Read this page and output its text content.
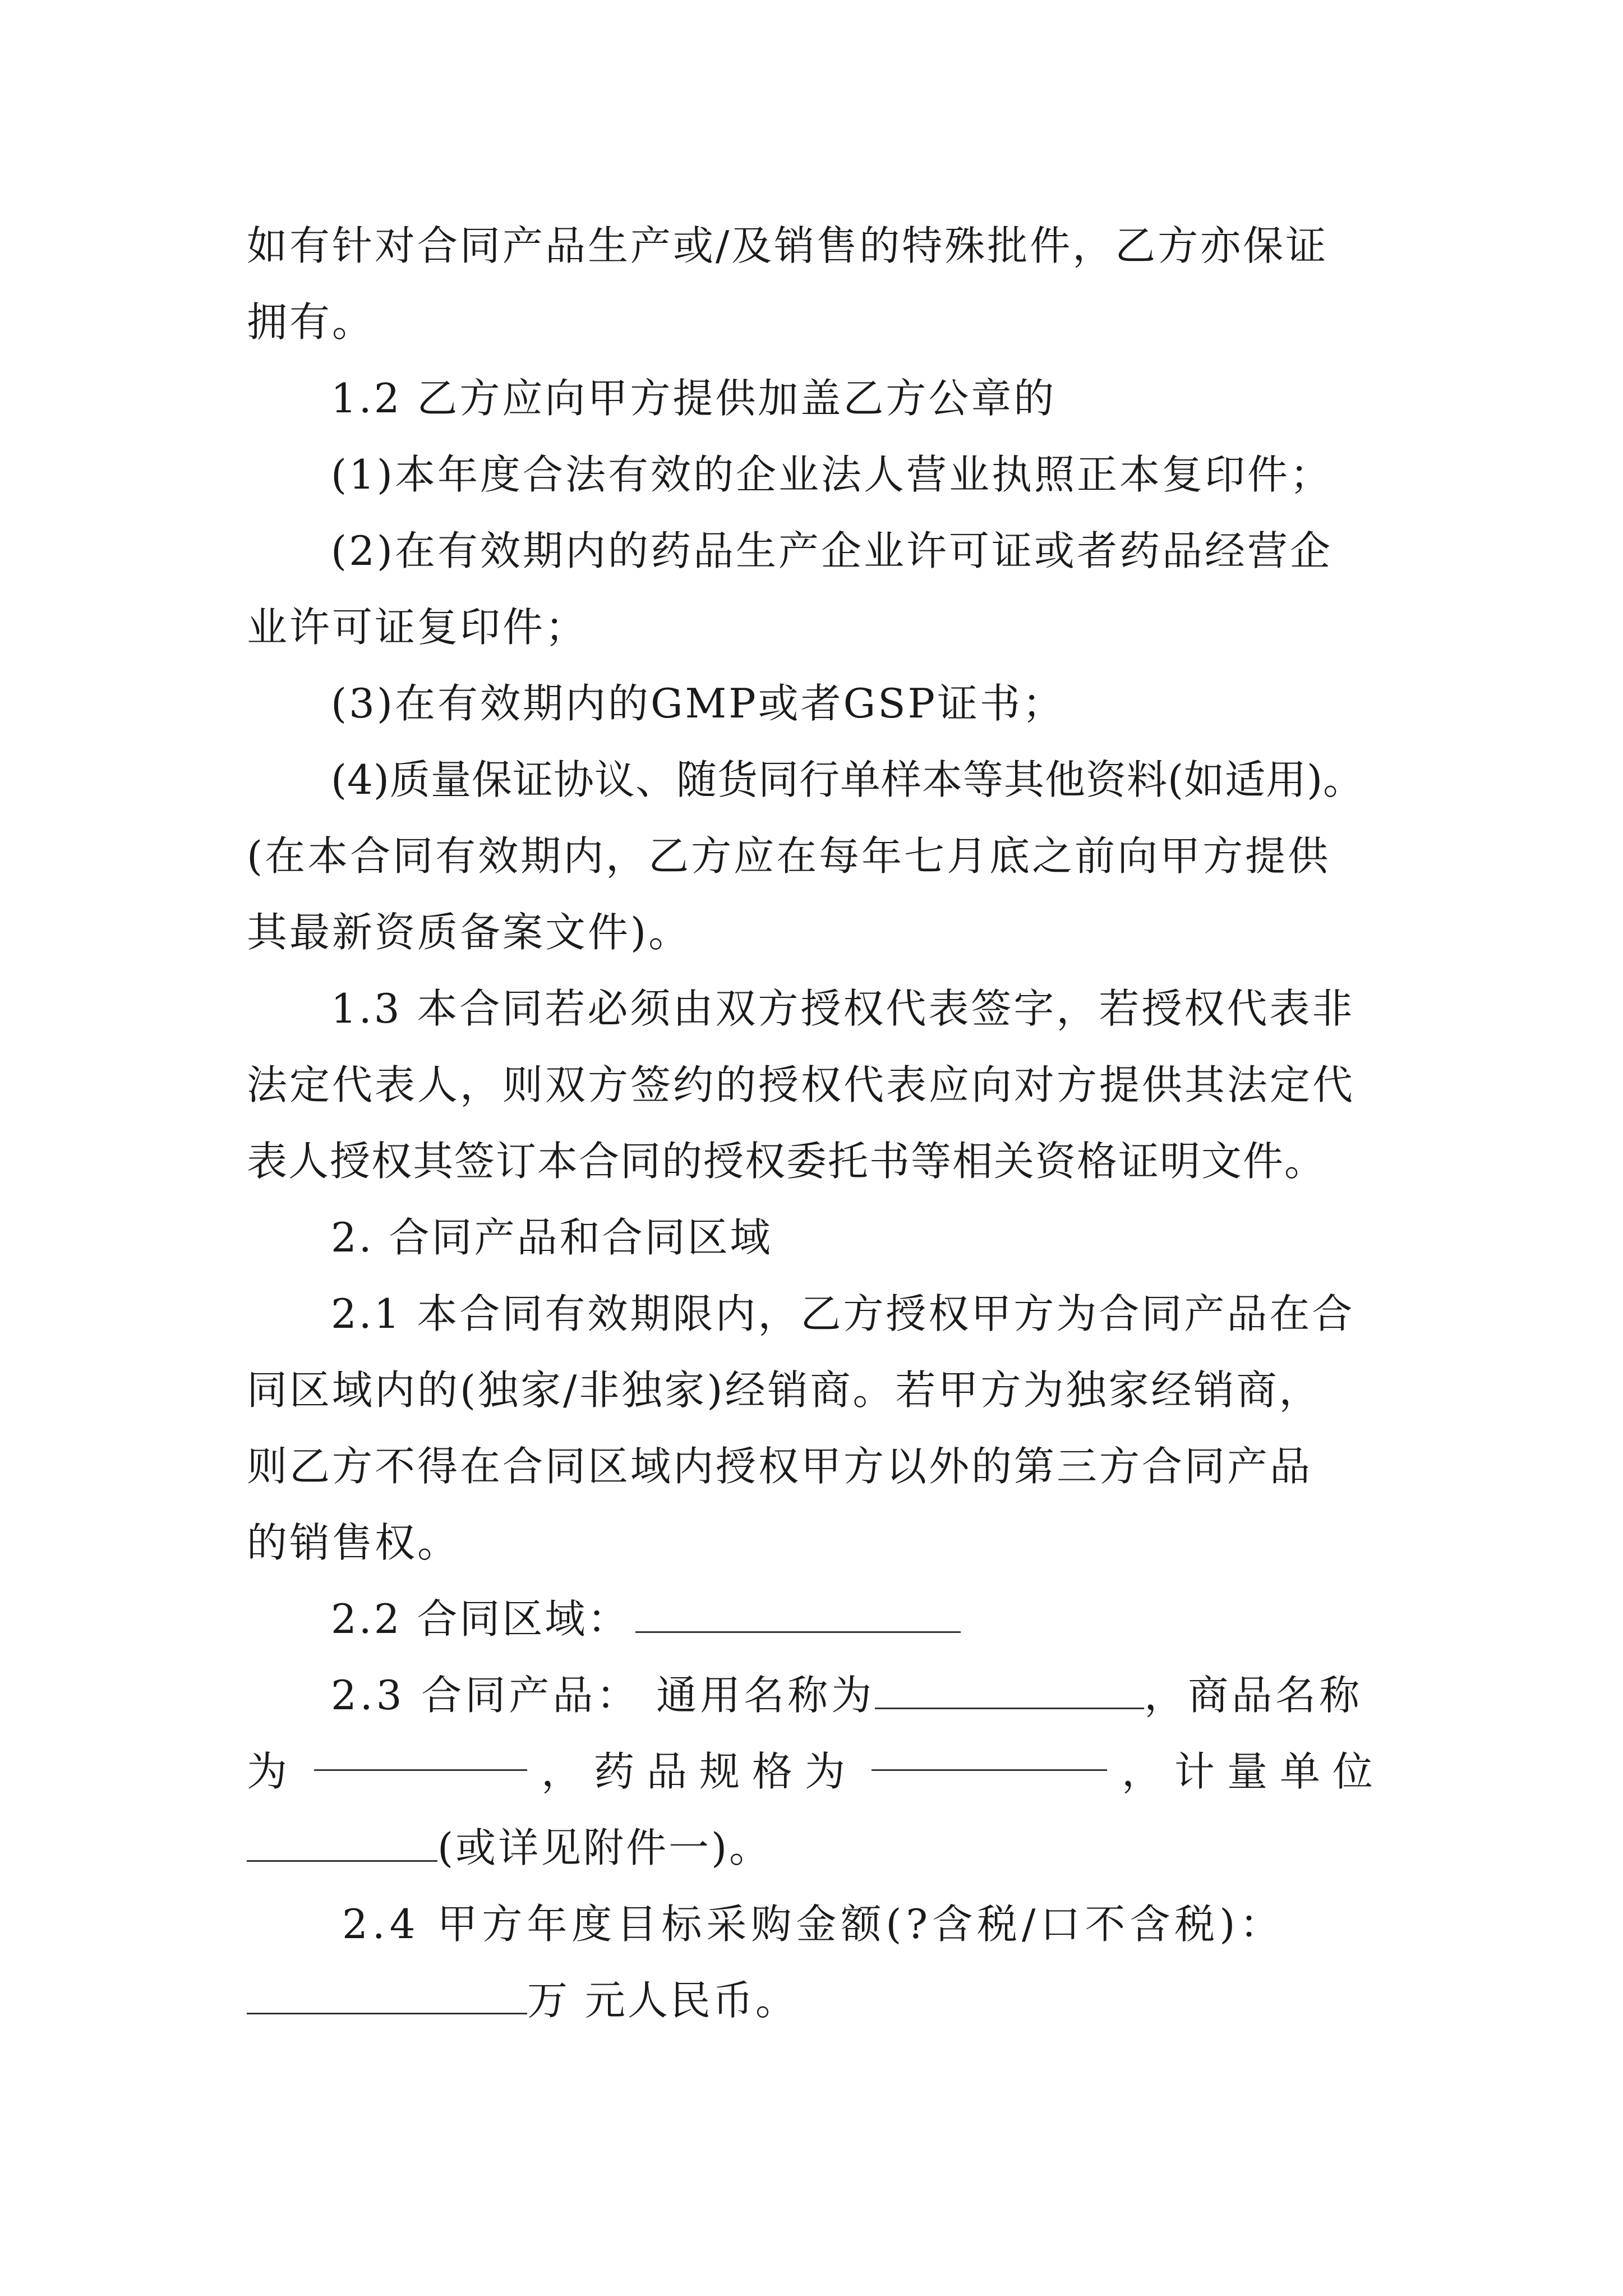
如有针对合同产品生产或/及销售的特殊批件，乙方亦保证
拥有。
1.2 乙方应向甲方提供加盖乙方公章的
(1)本年度合法有效的企业法人营业执照正本复印件；
(2)在有效期内的药品生产企业许可证或者药品经营企
业许可证复印件；
(3)在有效期内的GMP或者GSP证书；
(4)质量保证协议、随货同行单样本等其他资料(如适用)。
(在本合同有效期内，乙方应在每年七月底之前向甲方提供
其最新资质备案文件)。
1.3 本合同若必须由双方授权代表签字，若授权代表非
法定代表人，则双方签约的授权代表应向对方提供其法定代
表人授权其签订本合同的授权委托书等相关资格证明文件。
2. 合同产品和合同区域
2.1 本合同有效期限内，乙方授权甲方为合同产品在合
同区域内的(独家/非独家)经销商。若甲方为独家经销商，
则乙方不得在合同区域内授权甲方以外的第三方合同产品
的销售权。
2.2 合同区域：
2.3 合同产品： 通用名称为	，商品名称
为	，药品规格为	，计量单位
(或详见附件一)。
2.4 甲方年度目标采购金额(?含税/口不含税)：
万 元人民币。
